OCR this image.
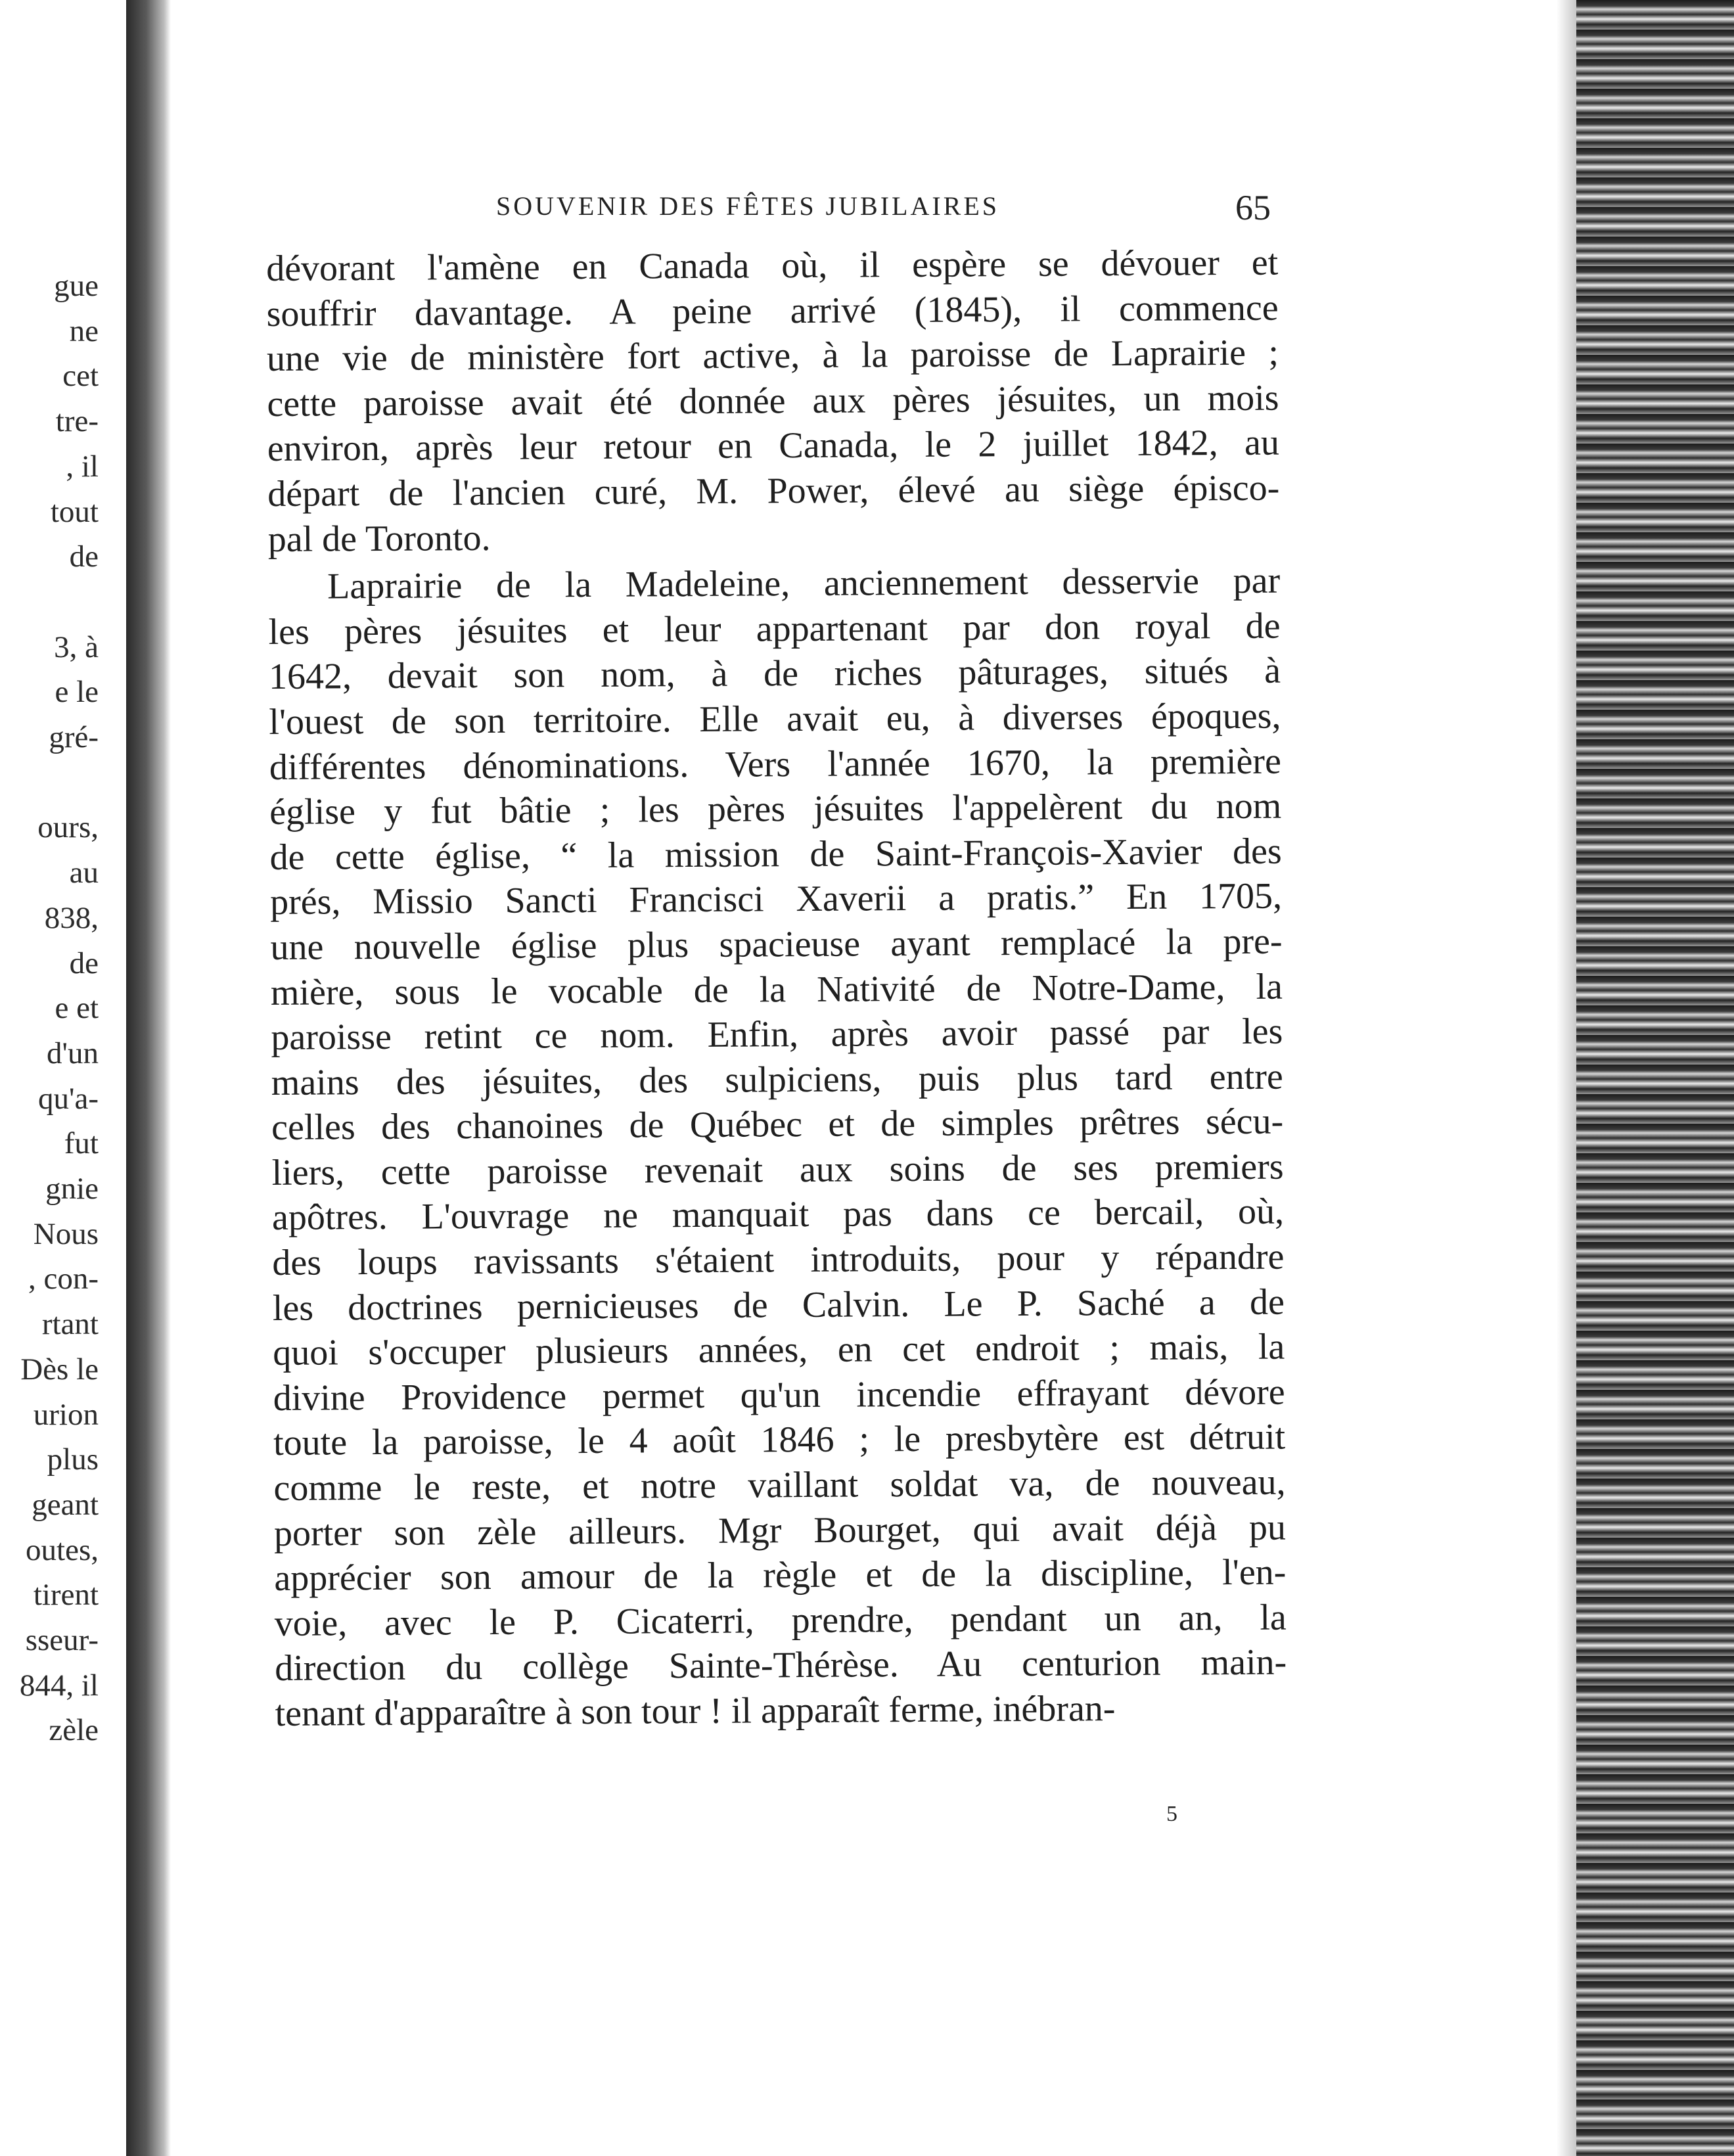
gue
ne
cet
tre-
, il
tout
de
3, à
e le
gré-
ours,
au
838,
de
e et
d'un
qu'a-
fut
gnie
Nous
, con-
rtant
Dès le
urion
plus
geant
outes,
tirent
sseur-
844, il
zèle
SOUVENIR DES FÊTES JUBILAIRES	65
dévorant l'amène en Canada où, il espère se dévouer et
souffrir davantage. A peine arrivé (1845), il commence
une vie de ministère fort active, à la paroisse de Laprairie ;
cette paroisse avait été donnée aux pères jésuites, un mois
environ, après leur retour en Canada, le 2 juillet 1842, au
départ de l'ancien curé, M. Power, élevé au siège épisco-
pal de Toronto.
Laprairie de la Madeleine, anciennement desservie par
les pères jésuites et leur appartenant par don royal de
1642, devait son nom, à de riches pâturages, situés à
l'ouest de son territoire. Elle avait eu, à diverses époques,
différentes dénominations. Vers l'année 1670, la première
église y fut bâtie ; les pères jésuites l'appelèrent du nom
de cette église, “ la mission de Saint-François-Xavier des
prés, Missio Sancti Francisci Xaverii a pratis.” En 1705,
une nouvelle église plus spacieuse ayant remplacé la pre-
mière, sous le vocable de la Nativité de Notre-Dame, la
paroisse retint ce nom. Enfin, après avoir passé par les
mains des jésuites, des sulpiciens, puis plus tard entre
celles des chanoines de Québec et de simples prêtres sécu-
liers, cette paroisse revenait aux soins de ses premiers
apôtres. L'ouvrage ne manquait pas dans ce bercail, où,
des loups ravissants s'étaient introduits, pour y répandre
les doctrines pernicieuses de Calvin. Le P. Saché a de
quoi s'occuper plusieurs années, en cet endroit ; mais, la
divine Providence permet qu'un incendie effrayant dévore
toute la paroisse, le 4 août 1846 ; le presbytère est détruit
comme le reste, et notre vaillant soldat va, de nouveau,
porter son zèle ailleurs. Mgr Bourget, qui avait déjà pu
apprécier son amour de la règle et de la discipline, l'en-
voie, avec le P. Cicaterri, prendre, pendant un an, la
direction du collège Sainte-Thérèse. Au centurion main-
tenant d'apparaître à son tour ! il apparaît ferme, inébran-
5
